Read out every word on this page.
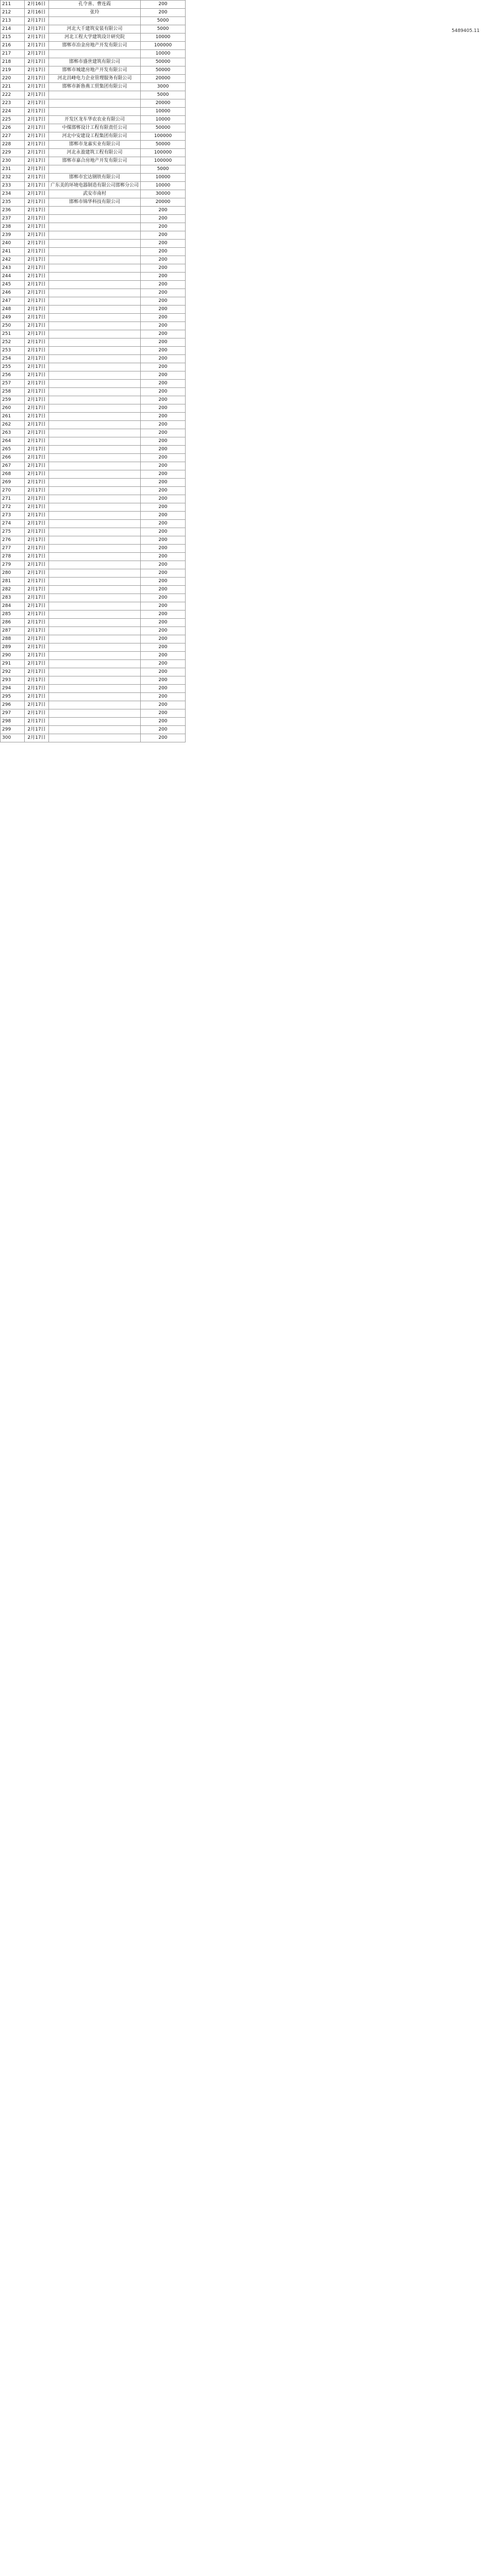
211	2月16日	孔令喜、曹连霞	200
212	2月16日	张玲	200
213	2月17日		5000
214	2月17日	河北大千建筑安装有限公司	5000
215	2月17日	河北工程大学建筑设计研究院	10000
216	2月17日	邯郸市冶金房地产开发有限公司	100000
217	2月17日		10000
218	2月17日	邯郸市盛世建筑有限公司	50000
219	2月17日	邯郸市城建房地产开发有限公司	50000
220	2月17日	河北昌峰电力企业管理服务有限公司	20000
221	2月17日	邯郸市新鲁燕工贸集团有限公司	3000
222	2月17日		5000
223	2月17日		20000
224	2月17日		10000
225	2月17日	开发区龙车华农农业有限公司	10000
226	2月17日	中煤邯郸设计工程有限责任公司	50000
227	2月17日	河北中安建设工程集团有限公司	100000
228	2月17日	邯郸市龙嘉实业有限公司	50000
229	2月17日	河北永盈建筑工程有限公司	100000
230	2月17日	邯郸市嘉合房地产开发有限公司	100000
231	2月17日		5000
232	2月17日	邯郸市宏达钢铁有限公司	10000
233	2月17日	广东美的环境电器制造有限公司邯郸分公司	10000
234	2月17日	武安市南村	30000
235	2月17日	邯郸市锦华科技有限公司	20000
236	2月17日		200
237	2月17日		200
238	2月17日		200
239	2月17日		200
240	2月17日		200
241	2月17日		200
242	2月17日		200
243	2月17日		200
244	2月17日		200
245	2月17日		200
246	2月17日		200
247	2月17日		200
248	2月17日		200
249	2月17日		200
250	2月17日		200
251	2月17日		200
252	2月17日		200
253	2月17日		200
254	2月17日		200
255	2月17日		200
256	2月17日		200
257	2月17日		200
258	2月17日		200
259	2月17日		200
260	2月17日		200
261	2月17日		200
262	2月17日		200
263	2月17日		200
264	2月17日		200
265	2月17日		200
266	2月17日		200
267	2月17日		200
268	2月17日		200
269	2月17日		200
270	2月17日		200
271	2月17日		200
272	2月17日		200
273	2月17日		200
274	2月17日		200
275	2月17日		200
276	2月17日		200
277	2月17日		200
278	2月17日		200
279	2月17日		200
280	2月17日		200
281	2月17日		200
282	2月17日		200
283	2月17日		200
284	2月17日		200
285	2月17日		200
286	2月17日		200
287	2月17日		200
288	2月17日		200
289	2月17日		200
290	2月17日		200
291	2月17日		200
292	2月17日		200
293	2月17日		200
294	2月17日		200
295	2月17日		200
296	2月17日		200
297	2月17日		200
298	2月17日		200
299	2月17日		200
300	2月17日		200
5489405.11
